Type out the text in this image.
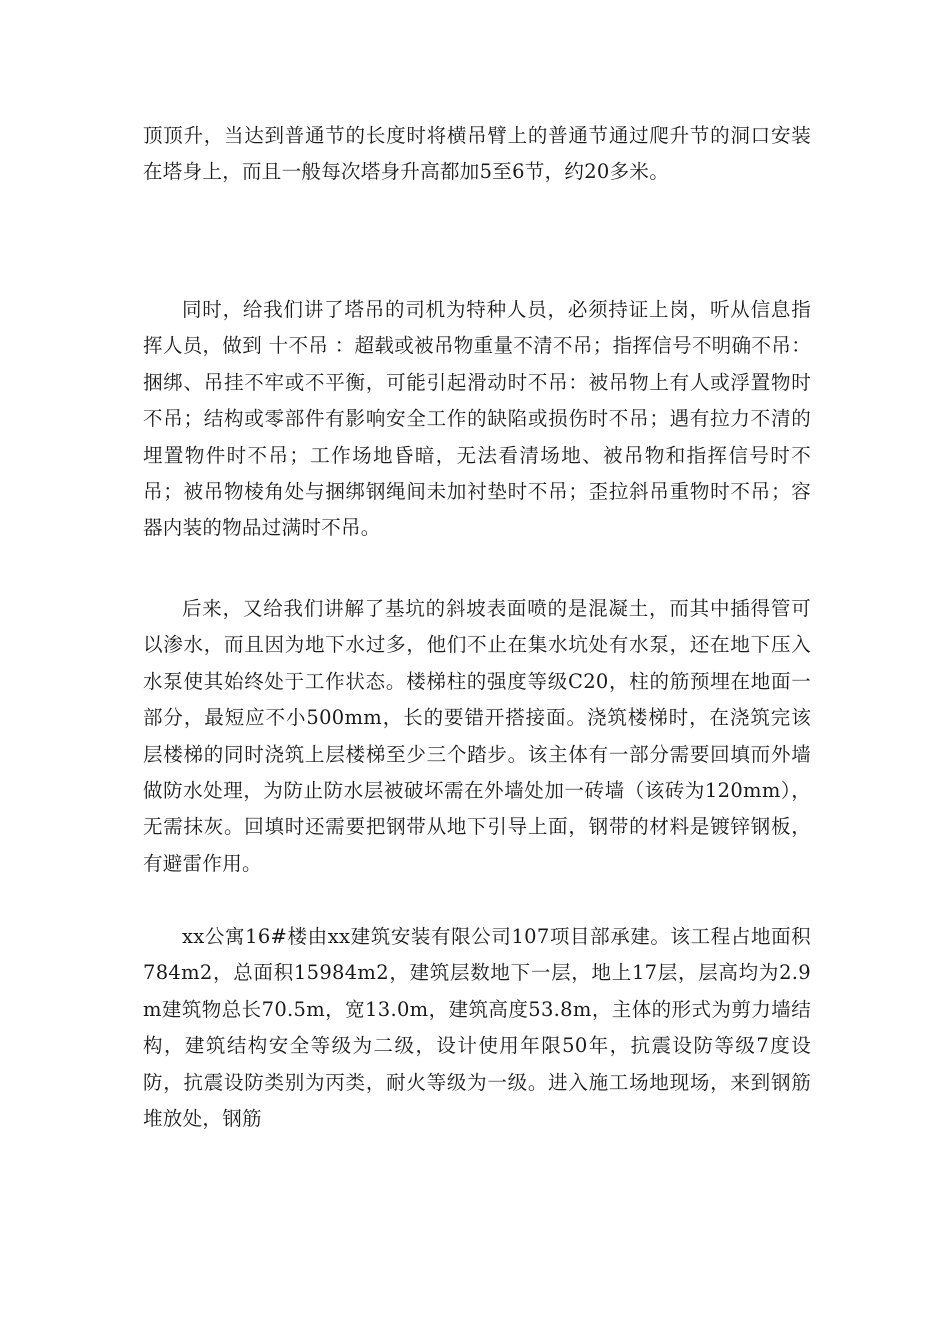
顶顶升，当达到普通节的长度时将横吊臂上的普通节通过爬升节的洞口安装在塔身上，而且一般每次塔身升高都加5至6节，约20多米。

同时，给我们讲了塔吊的司机为特种人员，必须持证上岗，听从信息指挥人员，做到 十不吊 ：超载或被吊物重量不清不吊；指挥信号不明确不吊：捆绑、吊挂不牢或不平衡，可能引起滑动时不吊：被吊物上有人或浮置物时不吊；结构或零部件有影响安全工作的缺陷或损伤时不吊；遇有拉力不清的埋置物件时不吊；工作场地昏暗，无法看清场地、被吊物和指挥信号时不吊；被吊物棱角处与捆绑钢绳间未加衬垫时不吊；歪拉斜吊重物时不吊；容器内装的物品过满时不吊。

后来，又给我们讲解了基坑的斜坡表面喷的是混凝土，而其中插得管可以渗水，而且因为地下水过多，他们不止在集水坑处有水泵，还在地下压入水泵使其始终处于工作状态。楼梯柱的强度等级C20，柱的筋预埋在地面一部分，最短应不小500mm，长的要错开搭接面。浇筑楼梯时，在浇筑完该层楼梯的同时浇筑上层楼梯至少三个踏步。该主体有一部分需要回填而外墙做防水处理，为防止防水层被破坏需在外墙处加一砖墙（该砖为120mm），无需抹灰。回填时还需要把钢带从地下引导上面，钢带的材料是镀锌钢板，有避雷作用。

xx公寓16#楼由xx建筑安装有限公司107项目部承建。该工程占地面积784m2，总面积15984m2，建筑层数地下一层，地上17层，层高均为2.9m建筑物总长70.5m，宽13.0m，建筑高度53.8m，主体的形式为剪力墙结构，建筑结构安全等级为二级，设计使用年限50年，抗震设防等级7度设防，抗震设防类别为丙类，耐火等级为一级。进入施工场地现场，来到钢筋堆放处，钢筋
